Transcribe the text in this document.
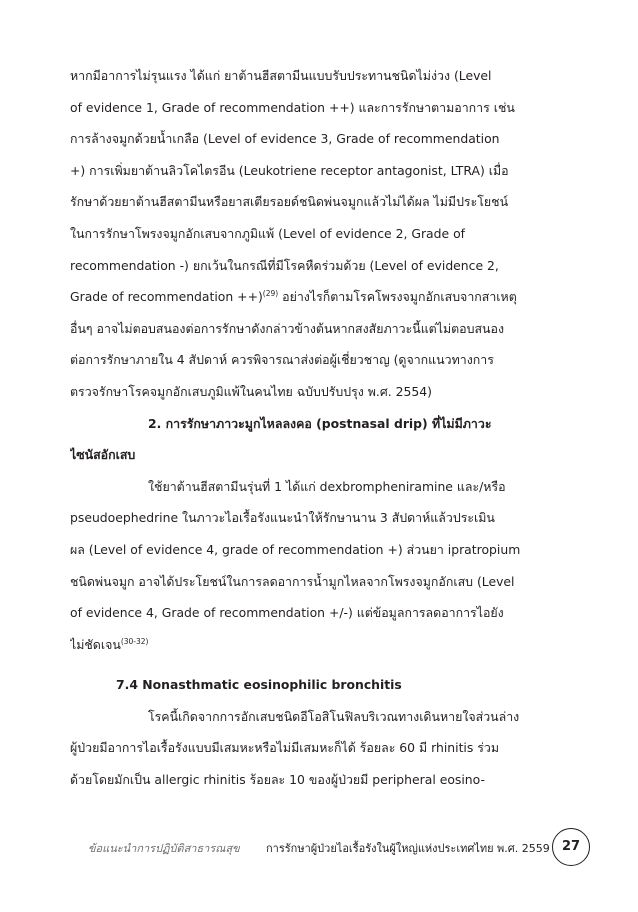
หากมีอาการไม่รุนแรง ได้แก่ ยาต้านฮีสตามีนแบบรับประทานชนิดไม่ง่วง (Level
of evidence 1, Grade of recommendation ++) และการรักษาตามอาการ เช่น
การล้างจมูกด้วยน้ำเกลือ (Level of evidence 3, Grade of recommendation
+) การเพิ่มยาต้านลิวโคไตรอีน (Leukotriene receptor antagonist, LTRA) เมื่อ
รักษาด้วยยาต้านฮีสตามีนหรือยาสเตียรอยด์ชนิดพ่นจมูกแล้วไม่ได้ผล ไม่มีประโยชน์
ในการรักษาโพรงจมูกอักเสบจากภูมิแพ้ (Level of evidence 2, Grade of
recommendation -) ยกเว้นในกรณีที่มีโรคหืดร่วมด้วย (Level of evidence 2,
Grade of recommendation ++)$^{(29)}$ อย่างไรก็ตามโรคโพรงจมูกอักเสบจากสาเหตุ
อื่นๆ อาจไม่ตอบสนองต่อการรักษาดังกล่าวข้างต้นหากสงสัยภาวะนี้แต่ไม่ตอบสนอง
ต่อการรักษาภายใน 4 สัปดาห์ ควรพิจารณาส่งต่อผู้เชี่ยวชาญ (ดูจากแนวทางการ
ตรวจรักษาโรคจมูกอักเสบภูมิแพ้ในคนไทย ฉบับปรับปรุง พ.ศ. 2554)

2. การรักษาภาวะมูกไหลลงคอ (postnasal drip) ที่ไม่มีภาวะ
ไซนัสอักเสบ

ใช้ยาต้านฮีสตามีนรุ่นที่ 1 ได้แก่ dexbrompheniramine และ/หรือ
pseudoephedrine ในภาวะไอเรื้อรังแนะนำให้รักษานาน 3 สัปดาห์แล้วประเมิน
ผล (Level of evidence 4, grade of recommendation +) ส่วนยา ipratropium
ชนิดพ่นจมูก อาจได้ประโยชน์ในการลดอาการน้ำมูกไหลจากโพรงจมูกอักเสบ (Level
of evidence 4, Grade of recommendation +/-) แต่ข้อมูลการลดอาการไอยัง
ไม่ชัดเจน$^{(30-32)}$

7.4 Nonasthmatic eosinophilic bronchitis

โรคนี้เกิดจากการอักเสบชนิดอีโอสิโนฟิลบริเวณทางเดินหายใจส่วนล่าง
ผู้ป่วยมีอาการไอเรื้อรังแบบมีเสมหะหรือไม่มีเสมหะก็ได้ ร้อยละ 60 มี rhinitis ร่วม
ด้วยโดยมักเป็น allergic rhinitis ร้อยละ 10 ของผู้ป่วยมี peripheral eosino-

ข้อแนะนำการปฏิบัติสาธารณสุข การรักษาผู้ป่วยไอเรื้อรังในผู้ใหญ่แห่งประเทศไทย พ.ศ. 2559 27
